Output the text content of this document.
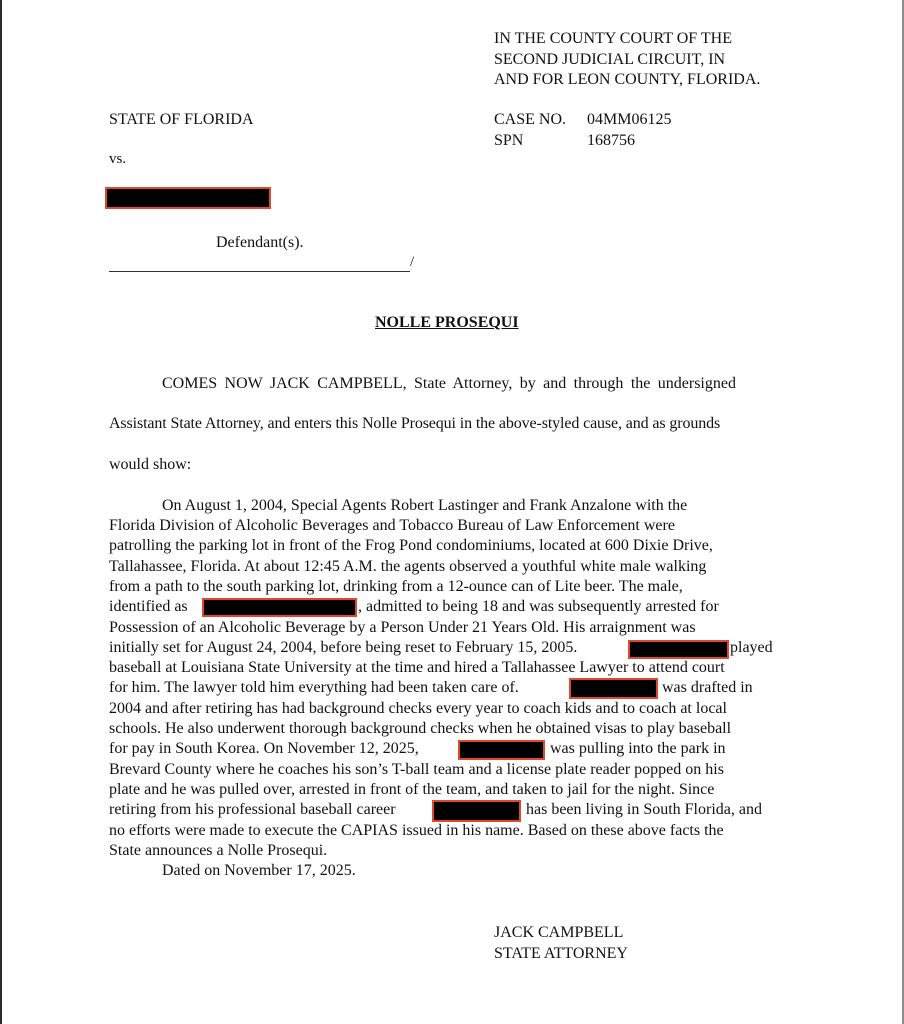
IN THE COUNTY COURT OF THE
SECOND JUDICIAL CIRCUIT, IN
AND FOR LEON COUNTY, FLORIDA.
CASE NO.	04MM06125
SPN	168756
STATE OF FLORIDA
vs.
Defendant(s).
/
NOLLE PROSEQUI
COMES NOW JACK CAMPBELL, State Attorney, by and through the undersigned
Assistant State Attorney, and enters this Nolle Prosequi in the above-styled cause, and as grounds
would show:
On August 1, 2004, Special Agents Robert Lastinger and Frank Anzalone with the
Florida Division of Alcoholic Beverages and Tobacco Bureau of Law Enforcement were
patrolling the parking lot in front of the Frog Pond condominiums, located at 600 Dixie Drive,
Tallahassee, Florida. At about 12:45 A.M. the agents observed a youthful white male walking
from a path to the south parking lot, drinking from a 12-ounce can of Lite beer. The male,
identified as	, admitted to being 18 and was subsequently arrested for
Possession of an Alcoholic Beverage by a Person Under 21 Years Old. His arraignment was
initially set for August 24, 2004, before being reset to February 15, 2005.	played
baseball at Louisiana State University at the time and hired a Tallahassee Lawyer to attend court
for him. The lawyer told him everything had been taken care of.	was drafted in
2004 and after retiring has had background checks every year to coach kids and to coach at local
schools. He also underwent thorough background checks when he obtained visas to play baseball
for pay in South Korea. On November 12, 2025,	was pulling into the park in
Brevard County where he coaches his son’s T-ball team and a license plate reader popped on his
plate and he was pulled over, arrested in front of the team, and taken to jail for the night. Since
retiring from his professional baseball career	has been living in South Florida, and
no efforts were made to execute the CAPIAS issued in his name. Based on these above facts the
State announces a Nolle Prosequi.
Dated on November 17, 2025.
JACK CAMPBELL
STATE ATTORNEY
